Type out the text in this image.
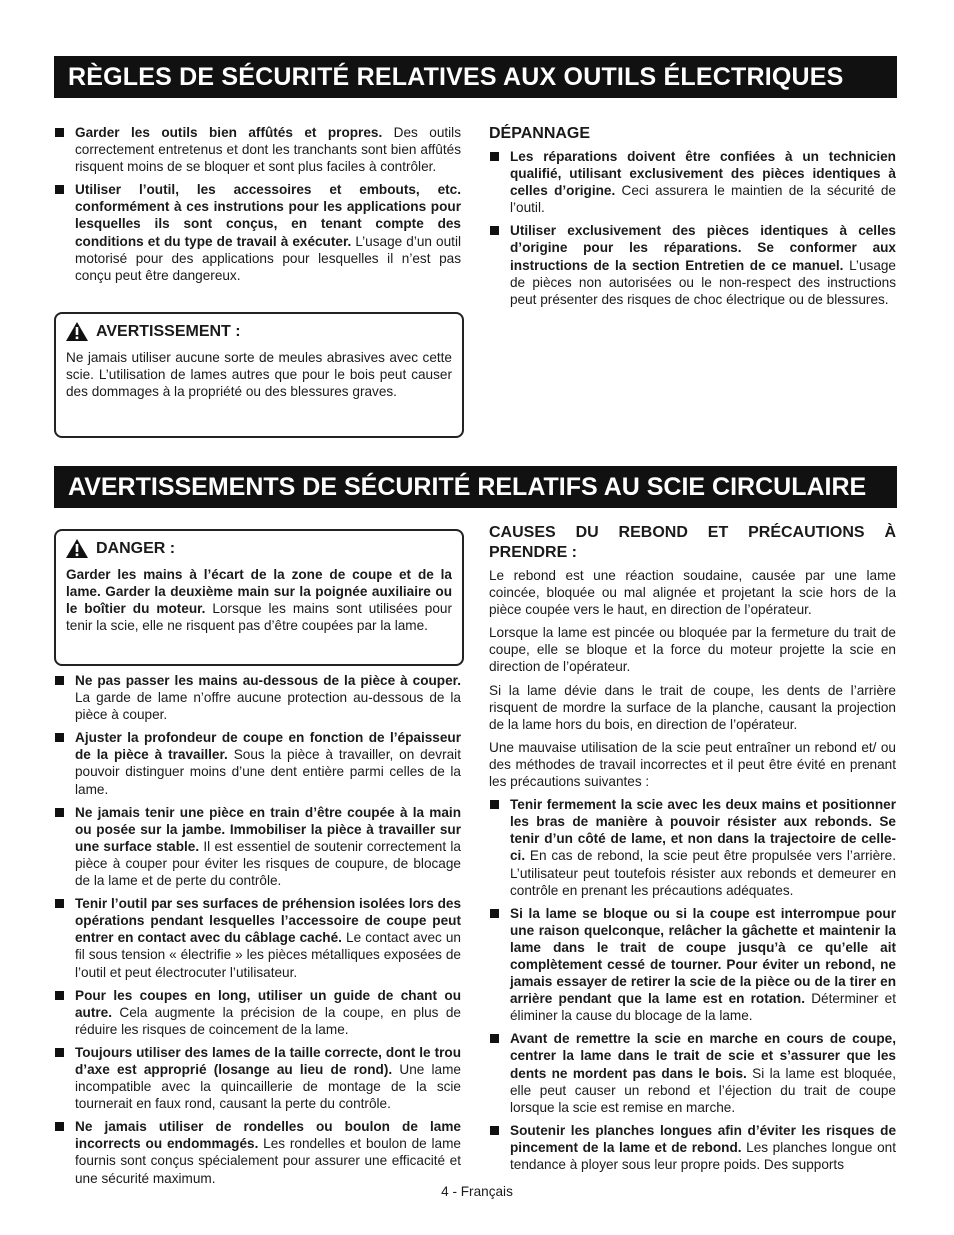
RÈGLES DE SÉCURITÉ RELATIVES AUX OUTILS ÉLECTRIQUES
Garder les outils bien affûtés et propres. Des outils correctement entretenus et dont les tranchants sont bien affûtés risquent moins de se bloquer et sont plus faciles à contrôler.
Utiliser l’outil, les accessoires et embouts, etc. conformément à ces instrutions pour les applications pour lesquelles ils sont conçus, en tenant compte des conditions et du type de travail à exécuter. L’usage d’un outil motorisé pour des applications pour lesquelles il n’est pas conçu peut être dangereux.
AVERTISSEMENT :
Ne jamais utiliser aucune sorte de meules abrasives avec cette scie. L’utilisation de lames autres que pour le bois peut causer des dommages à la propriété ou des blessures graves.
DÉPANNAGE
Les réparations doivent être confiées à un technicien qualifié, utilisant exclusivement des pièces identiques à celles d’origine. Ceci assurera le maintien de la sécurité de l’outil.
Utiliser exclusivement des pièces identiques à celles d’origine pour les réparations. Se conformer aux instructions de la section Entretien de ce manuel. L’usage de pièces non autorisées ou le non-respect des instructions peut présenter des risques de choc électrique ou de blessures.
AVERTISSEMENTS DE SÉCURITÉ RELATIFS AU SCIE CIRCULAIRE
DANGER :
Garder les mains à l’écart de la zone de coupe et de la lame. Garder la deuxième main sur la poignée auxiliaire ou le boîtier du moteur. Lorsque les mains sont utilisées pour tenir la scie, elle ne risquent pas d’être coupées par la lame.
Ne pas passer les mains au-dessous de la pièce à couper. La garde de lame n’offre aucune protection au-dessous de la pièce à couper.
Ajuster la profondeur de coupe en fonction de l’épaisseur de la pièce à travailler. Sous la pièce à travailler, on devrait pouvoir distinguer moins d’une dent entière parmi celles de la lame.
Ne jamais tenir une pièce en train d’être coupée à la main ou posée sur la jambe. Immobiliser la pièce à travailler sur une surface stable. Il est essentiel de soutenir correctement la pièce à couper pour éviter les risques de coupure, de blocage de la lame et de perte du contrôle.
Tenir l’outil par ses surfaces de préhension isolées lors des opérations pendant lesquelles l’accessoire de coupe peut entrer en contact avec du câblage caché. Le contact avec un fil sous tension « électrifie » les pièces métalliques exposées de l’outil et peut électrocuter l’utilisateur.
Pour les coupes en long, utiliser un guide de chant ou autre. Cela augmente la précision de la coupe, en plus de réduire les risques de coincement de la lame.
Toujours utiliser des lames de la taille correcte, dont le trou d’axe est approprié (losange au lieu de rond). Une lame incompatible avec la quincaillerie de montage de la scie tournerait en faux rond, causant la perte du contrôle.
Ne jamais utiliser de rondelles ou boulon de lame incorrects ou endommagés. Les rondelles et boulon de lame fournis sont conçus spécialement pour assurer une efficacité et une sécurité maximum.
CAUSES DU REBOND ET PRÉCAUTIONS À PRENDRE :

Le rebond est une réaction soudaine, causée par une lame coincée, bloquée ou mal alignée et projetant la scie hors de la pièce coupée vers le haut, en direction de l’opérateur.

Lorsque la lame est pincée ou bloquée par la fermeture du trait de coupe, elle se bloque et la force du moteur projette la scie en direction de l’opérateur.

Si la lame dévie dans le trait de coupe, les dents de l’arrière risquent de mordre la surface de la planche, causant la projection de la lame hors du bois, en direction de l’opérateur.

Une mauvaise utilisation de la scie peut entraîner un rebond et/ ou des méthodes de travail incorrectes et il peut être évité en prenant les précautions suivantes :

Tenir fermement la scie avec les deux mains et positionner les bras de manière à pouvoir résister aux rebonds. Se tenir d’un côté de lame, et non dans la trajectoire de celle-ci. En cas de rebond, la scie peut être propulsée vers l’arrière. L’utilisateur peut toutefois résister aux rebonds et demeurer en contrôle en prenant les précautions adéquates.
Si la lame se bloque ou si la coupe est interrompue pour une raison quelconque, relâcher la gâchette et maintenir la lame dans le trait de coupe jusqu’à ce qu’elle ait complètement cessé de tourner. Pour éviter un rebond, ne jamais essayer de retirer la scie de la pièce ou de la tirer en arrière pendant que la lame est en rotation. Déterminer et éliminer la cause du blocage de la lame.
Avant de remettre la scie en marche en cours de coupe, centrer la lame dans le trait de scie et s’assurer que les dents ne mordent pas dans le bois. Si la lame est bloquée, elle peut causer un rebond et l’éjection du trait de coupe lorsque la scie est remise en marche.
Soutenir les planches longues afin d’éviter les risques de pincement de la lame et de rebond. Les planches longue ont tendance à ployer sous leur propre poids. Des supports
4 - Français
